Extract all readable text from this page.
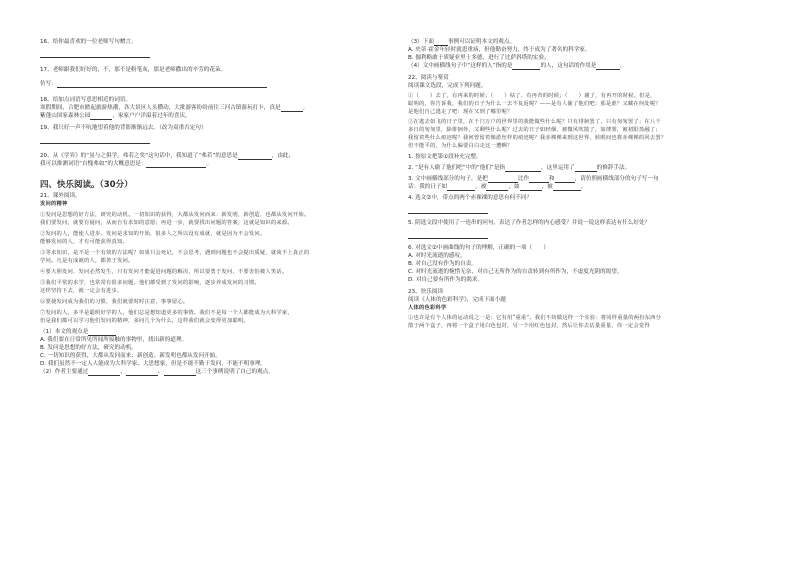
16、给你最喜欢的一位老师写句赠言。
17、老师跟我们好好的，不，那不是粉笔灰，那是老师撒出的辛劳的花朵。
仿写：
18、给加点词语写意思相近的词语。
寒假期间，合肥市掀起旅游热潮，各大景区人头攒动，大批游客纷纷前往三河古镇游玩打卡，真是	。
紫蓬山国家森林公园	，家家户户洋溢着过年的喜庆。
19、我只好一声不吭地望着他的背影渐渐远去。（改为双重否定句）
20、从《学弈》的“虽与之俱学，弗若之矣”这句话中，我知道了“弗若”的意思是	，由此，
我可以推测词语“自愧弗如”的大概意思是：	。
四、快乐阅读。（30分）
21、课外阅读。
发问的精神
①发问是思想的好方法，研究的动机。一切知识的获得，大都从发问而来：新发明，新创造，也都从发问开始。
我们要发问，就要有疑问，从而自有求知的意愿；再进一步，就要找出问题的答案，这就是知识的来源。
②发问的人，能使人进步。发问是求知的开始，很多人之所以没有成就，就是因为不会发问。
能够发问的人，才有可能获得真知。
③等求知识，是不是一个有效的方法呢？如果只会死记，不会思考，遇到问题也不会提出质疑，就谈不上真正的
学问。凡是有成就的人，都善于发问。
④要大胆发问，发问必然发生，只有发问才能促进问题的解决，所以要勇于发问，不要害怕被人笑话。
⑤我们平常的求学，也常常有很多问题，他们都受到了发问的影响，逐步养成发问的习惯。
这样坚持下去，就一定会有进步。
⑥要使发问成为我们的习惯，我们就要时时注意，事事留心。
⑦发问的人，多半是聪明好学的人，他们总是想知道更多的事情。我们不是每一个人都能成为大科学家，
但是我们都可以学习他们发问的精神，多问几个为什么，这样我们就会变得更加聪明。
（1）本文的观点是
A. 我们要在日常所见所闻所接触的事物里，找出新的道理。
B. 发问是思想的好方法，研究的动机。
C. 一切知识的获得，大都从发问而来；新创造、新发明也都从发问开始。
D. 我们虽然不一定人人能成为大科学家、大思想家，但是不能不勤于发问，不能不明事理。
（2）作者主要通过	、	、	这三个事例说明了自己的观点。
（3）下面	事例可以证明本文的观点。
A. 史蒂·霍金年轻时就患重病，但他勤奋努力，终于成为了著名的科学家。
B. 伽利略敢于质疑亚里士多德，进行了比萨斜塔的实验。
（4）文中画横线句子中“这样的人”指的是	的人，这句话的作用是	。
22、阅读与鉴赏
阅读课文选段，完成下列问题。
①（　　）去了，有再来的时候；（　　）枯了，有再青的时候；（　　）谢了，有再开的时候。但是，
聪明的，你告诉我，我们的日子为什么一去不复返呢？——是有人偷了他们吧：那是谁？又藏在何处呢？
是他们自己逃走了吧：现在又到了哪里呢？
②在逃去如飞的日子里，在千门万户的世界里的我能做些什么呢？只有徘徊罢了，只有匆匆罢了；在八千
多日的匆匆里，除徘徊外，又剩些什么呢？过去的日子如轻烟，被微风吹散了，如薄雾，被初阳蒸融了；
我留着些什么痕迹呢？我何曾留着像游丝样的痕迹呢？我赤裸裸来到这世界，转眼间也将赤裸裸的回去罢？
但不能平的，为什么偏要白白走这一遭啊？
1. 按原文把第①段补充完整。
2. “是有人偷了他们吧”中的“他们”是指	，这里运用了	的修辞手法。
3. 文中画横线部分的句子，是把	比作	和	，请仿照画横线部分的句子写一句
话：我的日子如	，被	，如	，被	。
4. 选文②中，带点的两个赤裸裸的意思有何不同？
5. 阴选文段中使用了一连串的问句，表达了作者怎样的内心感受？并说一说这样表达有什么好处？
6. 对选文②中画曲线的句子的理解，正确的一项（　　）
A. 对时光流逝的感叹。
B. 对自己没有作为的自责。
C. 对时光流逝的惋惜无奈，对自己无所作为的自责转到有所作为，不虚度光阴的渴望。
D. 对自己要有所作为的渴求。
23、快乐阅读
阅读《人体的色彩科学》，完成下面小题
人体的色彩科学
①也许是有个人体的运动说之一是：它有用“重重”。我们不妨做这样一个实验：将同样重量的两份东西分
散于两个盒子，再将一个盒子用白色包封，另一个用红色包封，然后让你去估量重量，你一定会觉得
